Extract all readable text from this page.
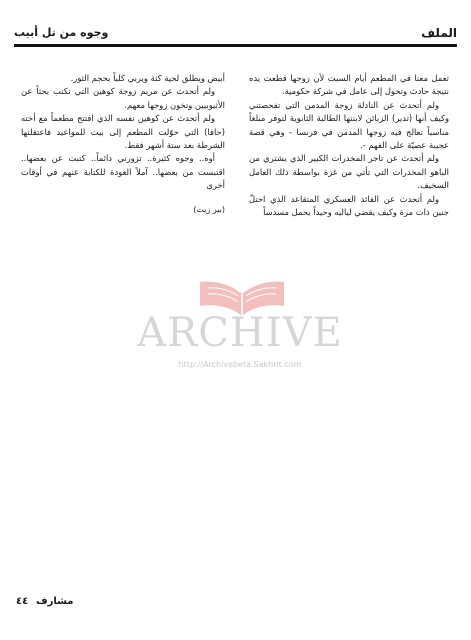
الملف
وجوه من تل أبيب

تعمل معنا في المطعم أيام السبت لأن زوجها قطعت يده نتيجة حادث وتحول إلى عامل في شركة حكومية.

ولم أتحدث عن النادلة زوجة المدمن التي تفحصتني وكيف أنها (تدير) الزبائن لابنتها الطالبة الثانوية لتوفر مبلغاً مناسباً تعالج فيه زوجها المدمن في فرنسا - وهي قصة عجيبة عصيّة على الفهم -.

ولم أتحدث عن تاجر المخدرات الكبير الذي يشتري من الباهو المخدرات التي تأتي من غزة بواسطة ذلك العامل السخيف.

ولم أتحدث عن القائد العسكري المتقاعد الذي احتلّ جنين ذات مرة وكيف يقضي لياليه وحيداً يحمل مسدساً

أبيض ويطلق لحية كثة ويربي كلباً بحجم الثور.

ولم أتحدث عن مريم زوجة كوهين التي تكتب بحثاً عن الأثيوبيين وتخون زوجها معهم.

ولم أتحدث عن كوهين نفسه الذي افتتح مطعماً مع أخته (حافا) التي حوّلت المطعم إلى بيت للمواعيد فاعتقلتها الشرطة بعد ستة أشهر فقط.

أوه.. وجوه كثيرة.. تزورني دائماً.. كتبت عن بعضها.. اقتبست من بعضها.. آملاً العودة للكتابة عنهم في أوقات أخرى

(بير زيت)

ARCHIVE
http://Archivebeta.Sakhrit.com
٤٤ مشارف
